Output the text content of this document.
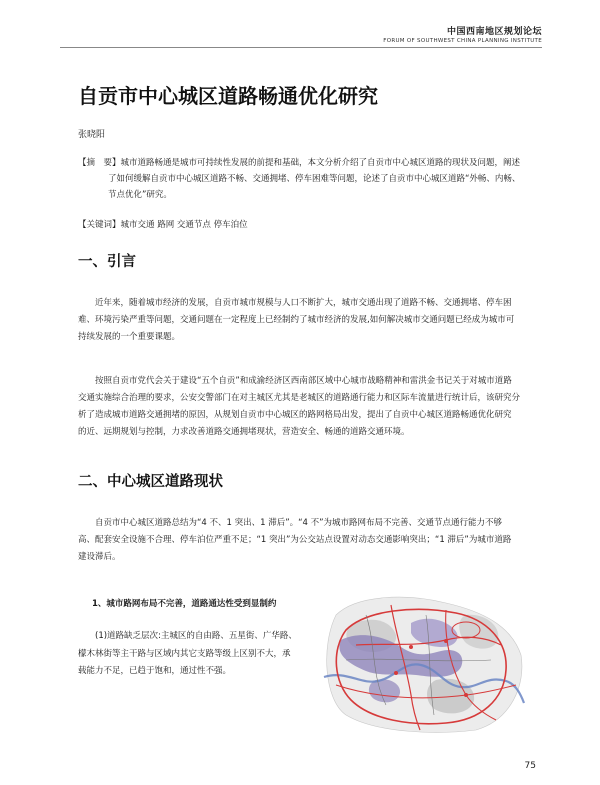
中国西南地区规划论坛
FORUM OF SOUTHWEST CHINA PLANNING INSTITUTE
自贡市中心城区道路畅通优化研究
张晓阳
【摘　要】城市道路畅通是城市可持续性发展的前提和基础，本文分析介绍了自贡市中心城区道路的现状及问题，阐述
了如何缓解自贡市中心城区道路不畅、交通拥堵、停车困难等问题，论述了自贡市中心城区道路“外畅、内畅、
节点优化”研究。
【关键词】城市交通 路网 交通节点 停车泊位
一、引言
近年来，随着城市经济的发展，自贡市城市规模与人口不断扩大，城市交通出现了道路不畅、交通拥堵、停车困
难、环境污染严重等问题，交通问题在一定程度上已经制约了城市经济的发展,如何解决城市交通问题已经成为城市可
持续发展的一个重要课题。
按照自贡市党代会关于建设“五个自贡”和成渝经济区西南部区域中心城市战略精神和雷洪金书记关于对城市道路
交通实施综合治理的要求，公安交警部门在对主城区尤其是老城区的道路通行能力和区际车流量进行统计后，该研究分
析了造成城市道路交通拥堵的原因，从规划自贡市中心城区的路网格局出发，提出了自贡中心城区道路畅通优化研究
的近、远期规划与控制，力求改善道路交通拥堵现状，营造安全、畅通的道路交通环境。
二、中心城区道路现状
自贡市中心城区道路总结为“4 不、1 突出、1 滞后”。“4 不”为城市路网布局不完善、交通节点通行能力不够
高、配套安全设施不合理、停车泊位严重不足；“1 突出”为公交站点设置对动态交通影响突出；“1 滞后”为城市道路
建设滞后。
1、城市路网布局不完善，道路通达性受到显制约
(1)道路缺乏层次:主城区的自由路、五星街、广华路、
檬木林街等主干路与区域内其它支路等级上区别不大，承
载能力不足，已趋于饱和，通过性不强。
75
